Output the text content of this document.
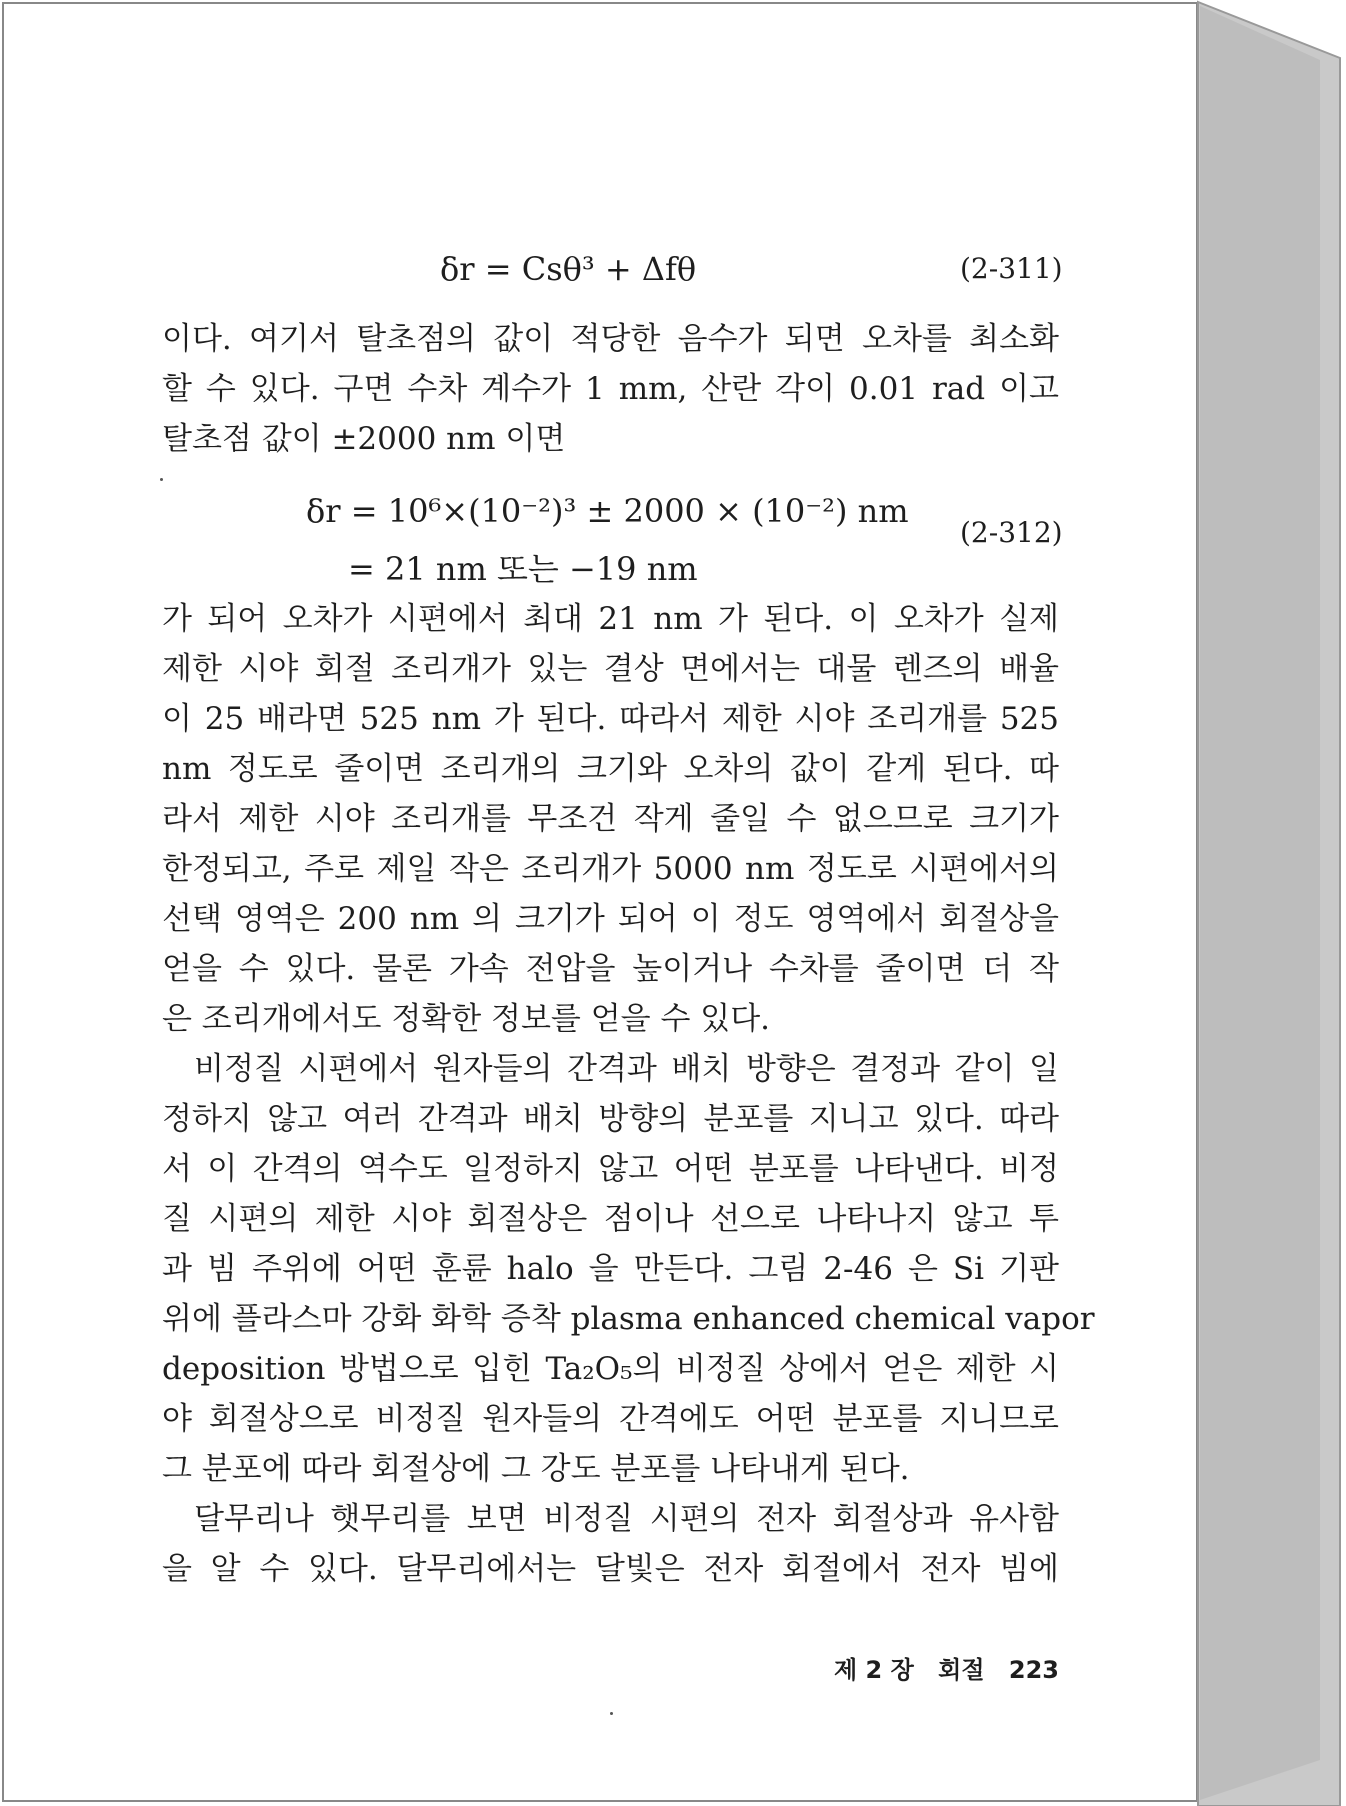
δr = Csθ³ + Δfθ	(2-311)
이다. 여기서 탈초점의 값이 적당한 음수가 되면 오차를 최소화
할 수 있다. 구면 수차 계수가 1 mm, 산란 각이 0.01 rad 이고
탈초점 값이 ±2000 nm 이면
δr = 10⁶×(10⁻²)³ ± 2000 × (10⁻²) nm
= 21 nm 또는 −19 nm
(2-312)
가 되어 오차가 시편에서 최대 21 nm 가 된다. 이 오차가 실제
제한 시야 회절 조리개가 있는 결상 면에서는 대물 렌즈의 배율
이 25 배라면 525 nm 가 된다. 따라서 제한 시야 조리개를 525
nm 정도로 줄이면 조리개의 크기와 오차의 값이 같게 된다. 따
라서 제한 시야 조리개를 무조건 작게 줄일 수 없으므로 크기가
한정되고, 주로 제일 작은 조리개가 5000 nm 정도로 시편에서의
선택 영역은 200 nm 의 크기가 되어 이 정도 영역에서 회절상을
얻을 수 있다. 물론 가속 전압을 높이거나 수차를 줄이면 더 작
은 조리개에서도 정확한 정보를 얻을 수 있다.
비정질 시편에서 원자들의 간격과 배치 방향은 결정과 같이 일
정하지 않고 여러 간격과 배치 방향의 분포를 지니고 있다. 따라
서 이 간격의 역수도 일정하지 않고 어떤 분포를 나타낸다. 비정
질 시편의 제한 시야 회절상은 점이나 선으로 나타나지 않고 투
과 빔 주위에 어떤 훈륜 halo 을 만든다. 그림 2-46 은 Si 기판
위에 플라스마 강화 화학 증착 plasma enhanced chemical vapor
deposition 방법으로 입힌 Ta₂O₅의 비정질 상에서 얻은 제한 시
야 회절상으로 비정질 원자들의 간격에도 어떤 분포를 지니므로
그 분포에 따라 회절상에 그 강도 분포를 나타내게 된다.
달무리나 햇무리를 보면 비정질 시편의 전자 회절상과 유사함
을 알 수 있다. 달무리에서는 달빛은 전자 회절에서 전자 빔에
제 2 장 회절 223
